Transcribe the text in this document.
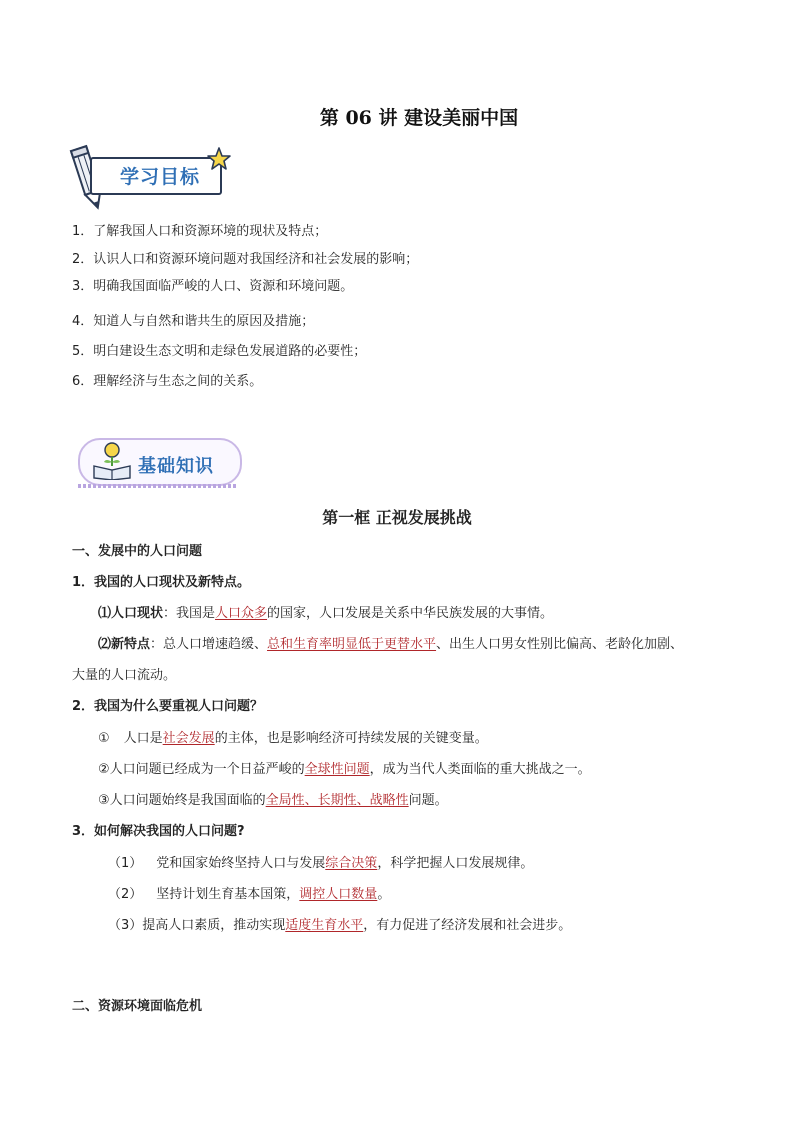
第 06 讲 建设美丽中国
学习目标
1．了解我国人口和资源环境的现状及特点；
2．认识人口和资源环境问题对我国经济和社会发展的影响；
3．明确我国面临严峻的人口、资源和环境问题。
4．知道人与自然和谐共生的原因及措施；
5．明白建设生态文明和走绿色发展道路的必要性；
6．理解经济与生态之间的关系。
基础知识
第一框 正视发展挑战
一、发展中的人口问题
1．我国的人口现状及新特点。
⑴人口现状：我国是人口众多的国家，人口发展是关系中华民族发展的大事情。
⑵新特点：总人口增速趋缓、总和生育率明显低于更替水平、出生人口男女性别比偏高、老龄化加剧、
大量的人口流动。
2．我国为什么要重视人口问题？
① 人口是社会发展的主体，也是影响经济可持续发展的关键变量。
②人口问题已经成为一个日益严峻的全球性问题，成为当代人类面临的重大挑战之一。
③人口问题始终是我国面临的全局性、长期性、战略性问题。
3．如何解决我国的人口问题?
（1） 党和国家始终坚持人口与发展综合决策，科学把握人口发展规律。
（2） 坚持计划生育基本国策，调控人口数量。
（3）提高人口素质，推动实现适度生育水平，有力促进了经济发展和社会进步。
二、资源环境面临危机
